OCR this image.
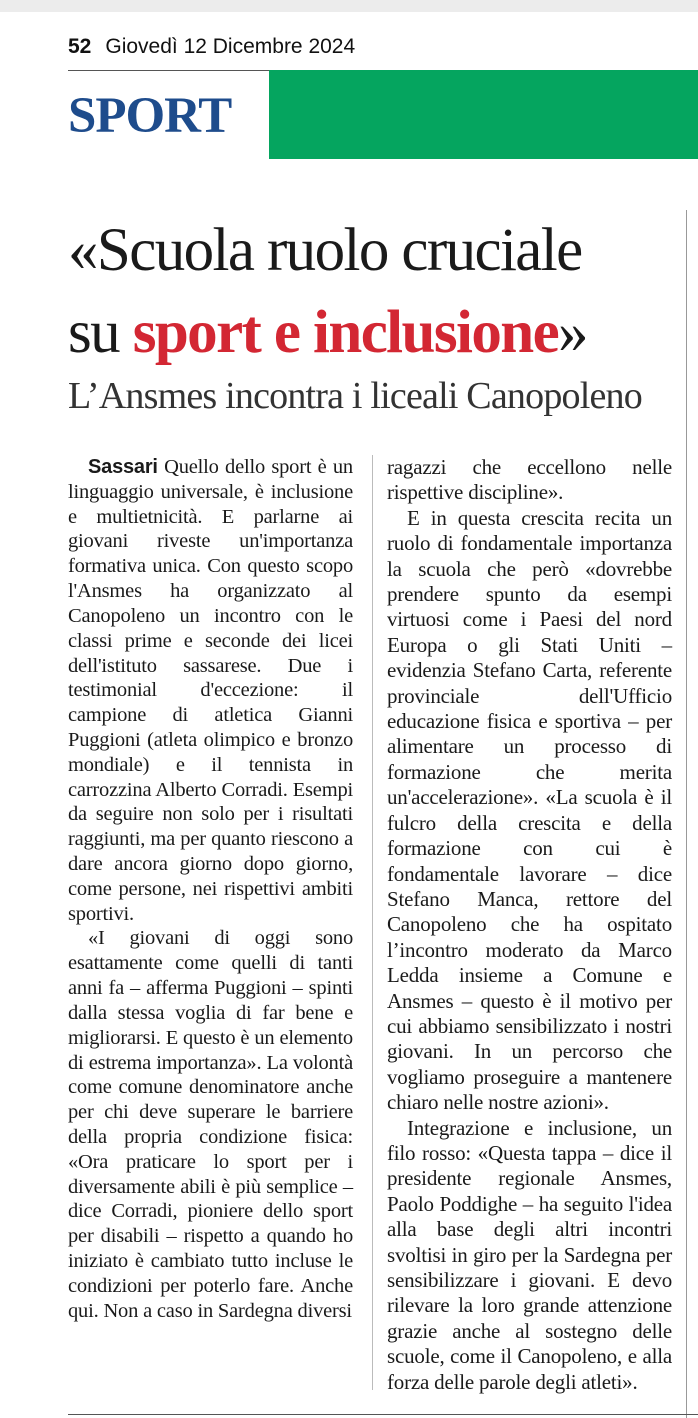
52 Giovedì 12 Dicembre 2024
SPORT
«Scuola ruolo cruciale
su sport e inclusione»
L’Ansmes incontra i liceali Canopoleno

Sassari Quello dello sport è un linguaggio universale, è inclusione e multietnicità. E parlarne ai giovani riveste un'importanza formativa unica. Con questo scopo l'Ansmes ha organizzato al Canopoleno un incontro con le classi prime e seconde dei licei dell'istituto sassarese. Due i testimonial d'eccezione: il campione di atletica Gianni Puggioni (atleta olimpico e bronzo mondiale) e il tennista in carrozzina Alberto Corradi. Esempi da seguire non solo per i risultati raggiunti, ma per quanto riescono a dare ancora giorno dopo giorno, come persone, nei rispettivi ambiti sportivi.

«I giovani di oggi sono esattamente come quelli di tanti anni fa – afferma Puggioni – spinti dalla stessa voglia di far bene e migliorarsi. E questo è un elemento di estrema importanza». La volontà come comune denominatore anche per chi deve superare le barriere della propria condizione fisica: «Ora praticare lo sport per i diversamente abili è più semplice – dice Corradi, pioniere dello sport per disabili – rispetto a quando ho iniziato è cambiato tutto incluse le condizioni per poterlo fare. Anche qui. Non a caso in Sardegna diversi

ragazzi che eccellono nelle rispettive discipline».

E in questa crescita recita un ruolo di fondamentale importanza la scuola che però «dovrebbe prendere spunto da esempi virtuosi come i Paesi del nord Europa o gli Stati Uniti – evidenzia Stefano Carta, referente provinciale dell'Ufficio educazione fisica e sportiva – per alimentare un processo di formazione che merita un'accelerazione». «La scuola è il fulcro della crescita e della formazione con cui è fondamentale lavorare – dice Stefano Manca, rettore del Canopoleno che ha ospitato l’incontro moderato da Marco Ledda insieme a Comune e Ansmes – questo è il motivo per cui abbiamo sensibilizzato i nostri giovani. In un percorso che vogliamo proseguire a mantenere chiaro nelle nostre azioni».

Integrazione e inclusione, un filo rosso: «Questa tappa – dice il presidente regionale Ansmes, Paolo Poddighe – ha seguito l'idea alla base degli altri incontri svoltisi in giro per la Sardegna per sensibilizzare i giovani. E devo rilevare la loro grande attenzione grazie anche al sostegno delle scuole, come il Canopoleno, e alla forza delle parole degli atleti».
